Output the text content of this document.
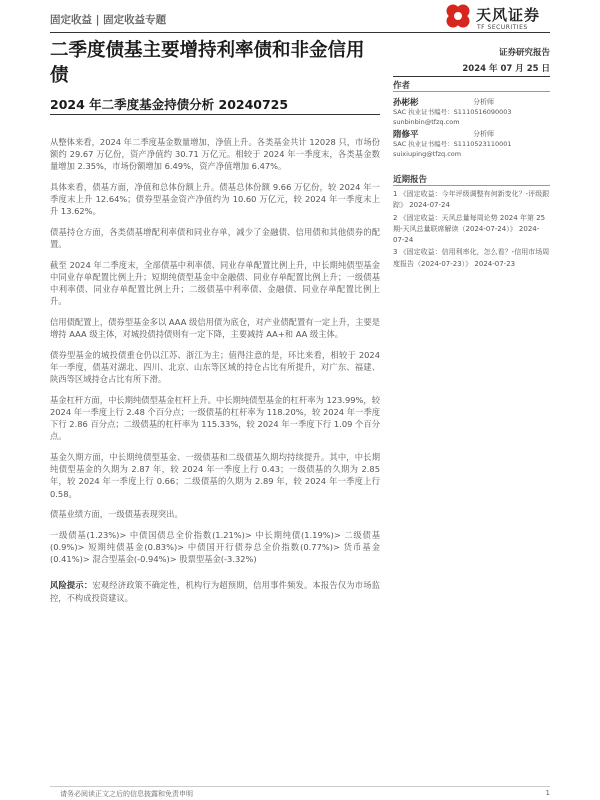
固定收益 | 固定收益专题	天风证券
TF SECURITIES
二季度债基主要增持利率债和非金信用债
证券研究报告
2024 年 07 月 25 日
作者
2024 年二季度基金持债分析 20240725

从整体来看，2024 年二季度基金数量增加，净值上升。各类基金共计 12028 只，市场份额约 29.67 万亿份，资产净值约 30.71 万亿元。相较于 2024 年一季度末，各类基金数量增加 2.35%，市场份额增加 6.49%，资产净值增加 6.47%。

具体来看，债基方面，净值和总体份额上升。债基总体份额 9.66 万亿份，较 2024 年一季度末上升 12.64%；债券型基金资产净值约为 10.60 万亿元，较 2024 年一季度末上升 13.62%。

债基持仓方面，各类债基增配利率债和同业存单，减少了金融债、信用债和其他债券的配置。

截至 2024 年二季度末，全部债基中利率债、同业存单配置比例上升，中长期纯债型基金中同业存单配置比例上升；短期纯债型基金中金融债、同业存单配置比例上升；一级债基中利率债、同业存单配置比例上升；二级债基中利率债、金融债、同业存单配置比例上升。

信用债配置上，债券型基金多以 AAA 级信用债为底仓，对产业债配置有一定上升，主要是增持 AAA 级主体，对城投债持债则有一定下降，主要减持 AA+和 AA 级主体。

债券型基金的城投债重仓仍以江苏、浙江为主；值得注意的是，环比来看，相较于 2024 年一季度，债基对湖北、四川、北京、山东等区域的持仓占比有所提升，对广东、福建、陕西等区域持仓占比有所下滑。

基金杠杆方面，中长期纯债型基金杠杆上升。中长期纯债型基金的杠杆率为 123.99%，较 2024 年一季度上行 2.48 个百分点；一级债基的杠杆率为 118.20%，较 2024 年一季度下行 2.86 百分点；二级债基的杠杆率为 115.33%，较 2024 年一季度下行 1.09 个百分点。

基金久期方面，中长期纯债型基金、一级债基和二级债基久期均持续提升。其中，中长期纯债型基金的久期为 2.87 年，较 2024 年一季度上行 0.43；一级债基的久期为 2.85 年，较 2024 年一季度上行 0.66；二级债基的久期为 2.89 年，较 2024 年一季度上行 0.58。

债基业绩方面，一级债基表现突出。

一级债基(1.23%)> 中债国债总全价指数(1.21%)> 中长期纯债(1.19%)> 二级债基(0.9%)> 短期纯债基金(0.83%)> 中债国开行债券总全价指数(0.77%)> 货币基金(0.41%)> 混合型基金(-0.94%)> 股票型基金(-3.32%)

风险提示：宏观经济政策不确定性，机构行为超预期，信用事件频发。本报告仅为市场监控，不构成投资建议。

孙彬彬	分析师
SAC 执业证书编号：S1110516090003
sunbinbin@tfzq.com
隋修平	分析师
SAC 执业证书编号：S1110523110001
suixiuping@tfzq.com
近期报告
1 《固定收益：今年评级调整有何新变化？-评级跟踪》 2024-07-24
2 《固定收益：天风总量每周论势 2024 年第 25 期-天风总量联席解读（2024-07-24）》 2024-07-24
3 《固定收益：信用利率化，怎么看？-信用市场周度报告（2024-07-23）》 2024-07-23
请务必阅读正文之后的信息披露和免责申明	1
